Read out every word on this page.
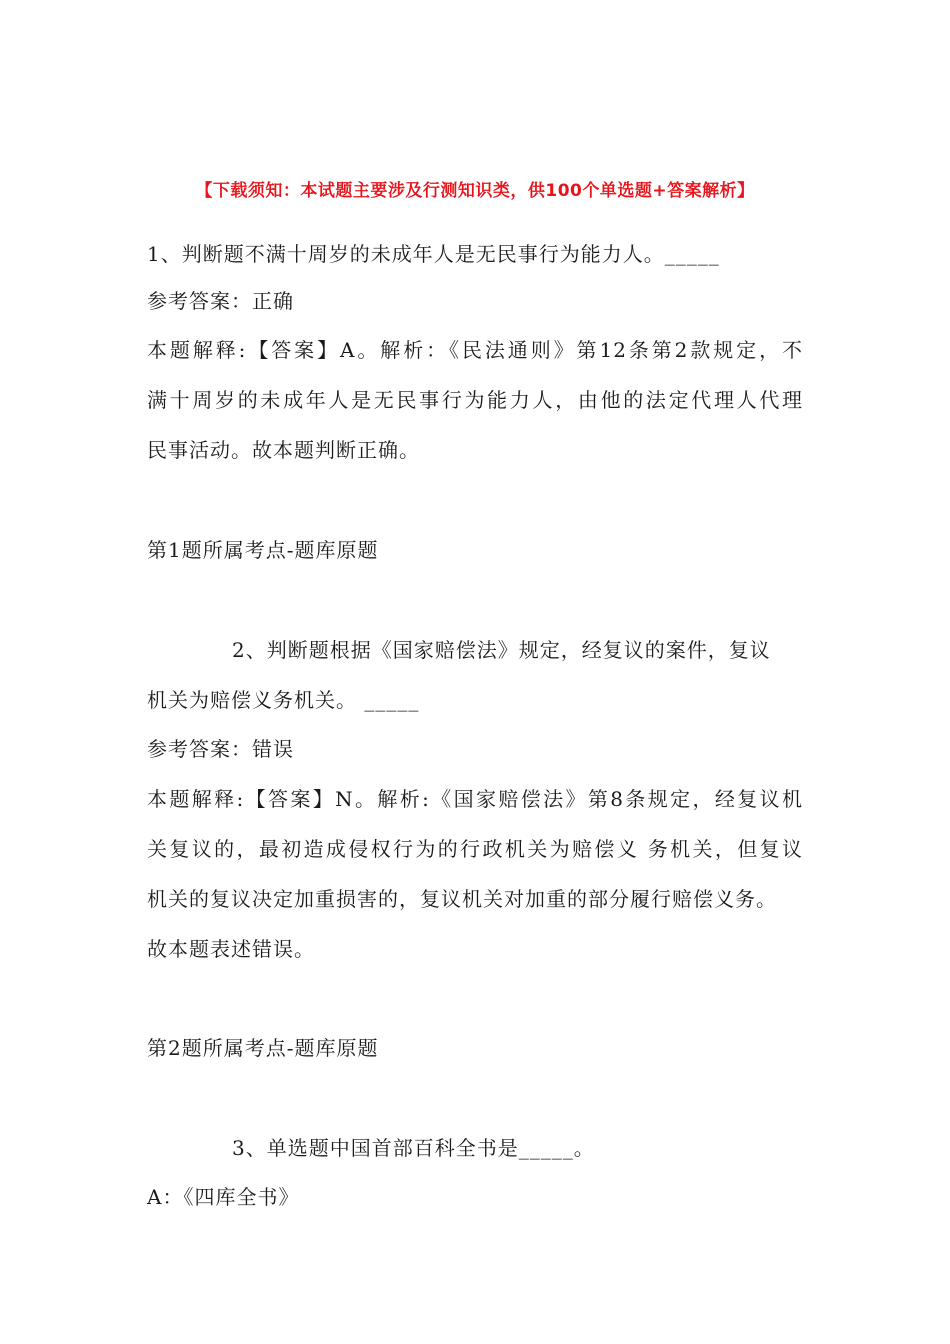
【下载须知：本试题主要涉及行测知识类，供100个单选题+答案解析】
1、判断题不满十周岁的未成年人是无民事行为能力人。_____
参考答案：正确
本题解释:【答案】A。解析：《民法通则》第12条第2款规定，不
满十周岁的未成年人是无民事行为能力人，由他的法定代理人代理
民事活动。故本题判断正确。
第1题所属考点-题库原题
2、判断题根据《国家赔偿法》规定，经复议的案件，复议
机关为赔偿义务机关。 _____
参考答案：错误
本题解释:【答案】N。解析:《国家赔偿法》第8条规定，经复议机
关复议的，最初造成侵权行为的行政机关为赔偿义 务机关，但复议
机关的复议决定加重损害的，复议机关对加重的部分履行赔偿义务。
故本题表述错误。
第2题所属考点-题库原题
3、单选题中国首部百科全书是_____。
A：《四库全书》
